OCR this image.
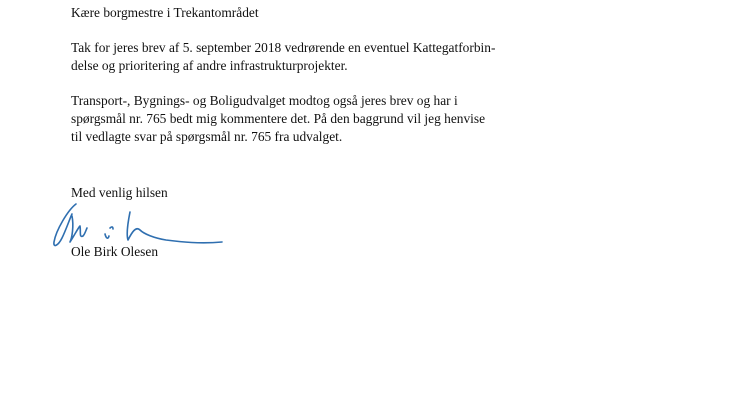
Kære borgmestre i Trekantområdet
Tak for jeres brev af 5. september 2018 vedrørende en eventuel Kattegatforbin-
delse og prioritering af andre infrastrukturprojekter.
Transport-, Bygnings- og Boligudvalget modtog også jeres brev og har i
spørgsmål nr. 765 bedt mig kommentere det. På den baggrund vil jeg henvise
til vedlagte svar på spørgsmål nr. 765 fra udvalget.
Med venlig hilsen
Ole Birk Olesen
